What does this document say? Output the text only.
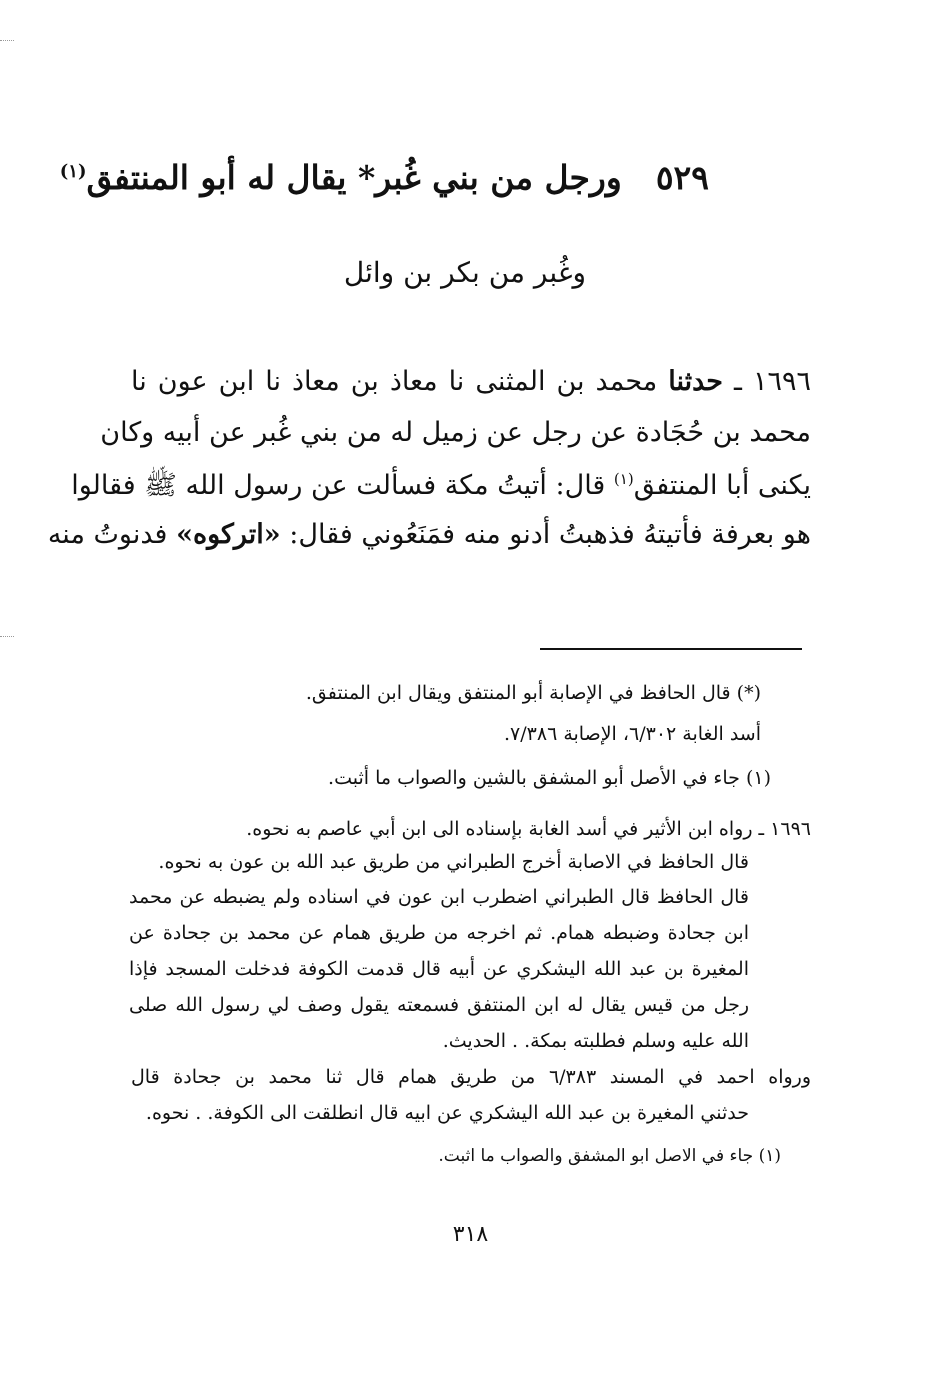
٥٢٩ورجل من بني غُبر* يقال له أبو المنتفق$^{(١)}$
وغُبر من بكر بن وائل
١٦٩٦ ـ حدثنا محمد بن المثنى نا معاذ بن معاذ نا ابن عون نا
محمد بن حُجَادة عن رجل عن زميل له من بني غُبر عن أبيه وكان
يكنى أبا المنتفق$^{(١)}$ قال: أتيتُ مكة فسألت عن رسول الله ﷺ فقالوا
هو بعرفة فأتيتهُ فذهبتُ أدنو منه فمَنَعُوني فقال: «اتركوه» فدنوتُ منه
(*) قال الحافظ في الإصابة أبو المنتفق ويقال ابن المنتفق.
أسد الغابة ٦/٣٠٢، الإصابة ٧/٣٨٦.
(١) جاء في الأصل أبو المشفق بالشين والصواب ما أثبت.
١٦٩٦ ـ رواه ابن الأثير في أسد الغابة بإسناده الى ابن أبي عاصم به نحوه.
قال الحافظ في الاصابة أخرج الطبراني من طريق عبد الله بن عون به نحوه.
قال الحافظ قال الطبراني اضطرب ابن عون في اسناده ولم يضبطه عن محمد
ابن جحادة وضبطه همام. ثم اخرجه من طريق همام عن محمد بن جحادة عن
المغيرة بن عبد الله اليشكري عن أبيه قال قدمت الكوفة فدخلت المسجد فإذا
رجل من قيس يقال له ابن المنتفق فسمعته يقول وصف لي رسول الله صلى
الله عليه وسلم فطلبته بمكة. . الحديث.
ورواه احمد في المسند ٦/٣٨٣ من طريق همام قال ثنا محمد بن جحادة قال
حدثني المغيرة بن عبد الله اليشكري عن ابيه قال انطلقت الى الكوفة. . نحوه.
(١) جاء في الاصل ابو المشفق والصواب ما اثبت.
٣١٨
